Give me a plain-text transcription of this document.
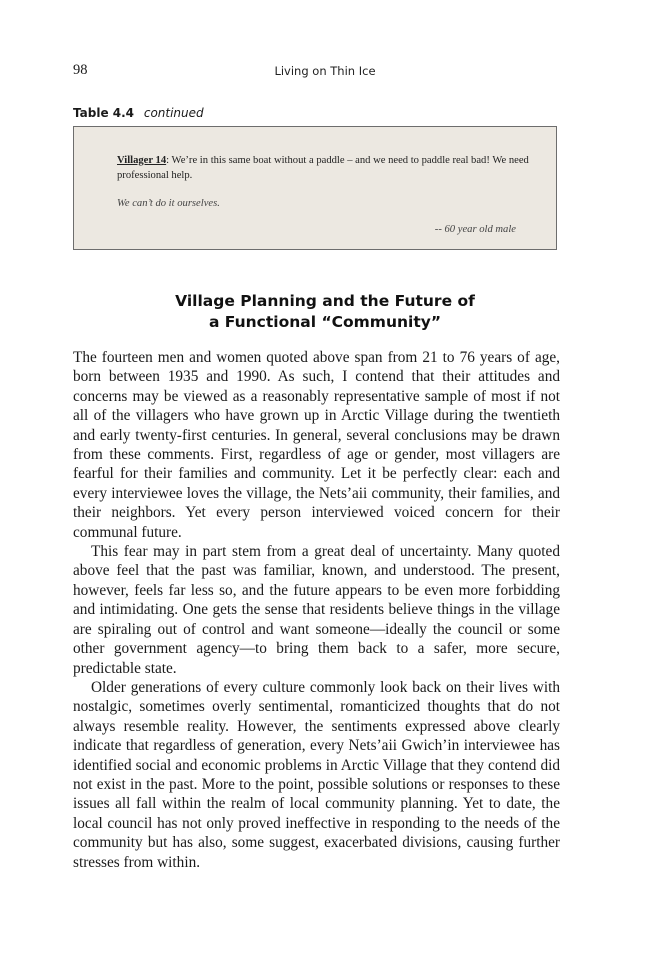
98	Living on Thin Ice
Table 4.4 continued
Villager 14: We’re in this same boat without a paddle – and we need to paddle real bad! We need professional help.
We can’t do it ourselves.
-- 60 year old male
Village Planning and the Future of
a Functional “Community”

The fourteen men and women quoted above span from 21 to 76 years of age, born between 1935 and 1990. As such, I contend that their attitudes and concerns may be viewed as a reasonably representative sample of most if not all of the villagers who have grown up in Arctic Village during the twentieth and early twenty-first centuries. In general, several conclusions may be drawn from these comments. First, regardless of age or gender, most villagers are fearful for their families and community. Let it be perfectly clear: each and every interviewee loves the village, the Nets’aii community, their families, and their neighbors. Yet every person interviewed voiced concern for their communal future.

This fear may in part stem from a great deal of uncertainty. Many quoted above feel that the past was familiar, known, and understood. The present, however, feels far less so, and the future appears to be even more forbidding and intimidating. One gets the sense that residents believe things in the village are spiraling out of control and want someone—ideally the council or some other government agency—to bring them back to a safer, more secure, predictable state.

Older generations of every culture commonly look back on their lives with nostalgic, sometimes overly sentimental, romanticized thoughts that do not always resemble reality. However, the sentiments expressed above clearly indicate that regardless of generation, every Nets’aii Gwich’in interviewee has identified social and economic problems in Arctic Village that they contend did not exist in the past. More to the point, possible solutions or responses to these issues all fall within the realm of local community planning. Yet to date, the local council has not only proved ineffective in responding to the needs of the community but has also, some suggest, exacerbated divisions, causing further stresses from within.
